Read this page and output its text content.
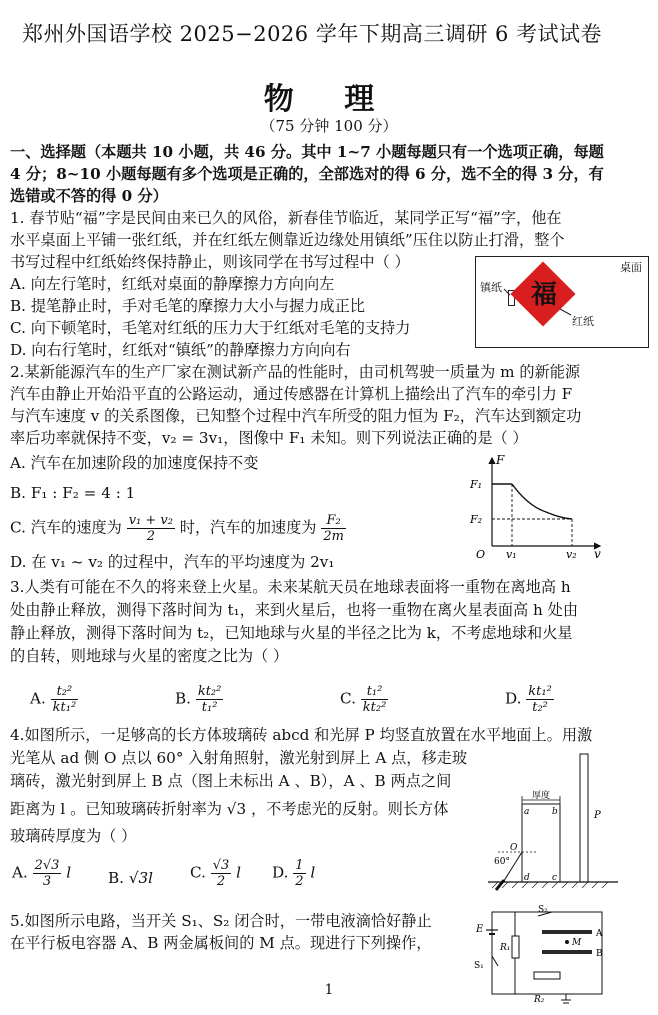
郑州外国语学校 2025−2026 学年下期高三调研 6 考试试卷
物 理
（75 分钟 100 分）
一、选择题（本题共 10 小题，共 46 分。其中 1~7 小题每题只有一个选项正确，每题
4 分；8~10 小题每题有多个选项是正确的，全部选对的得 6 分，选不全的得 3 分，有
选错或不答的得 0 分）
1. 春节贴“福”字是民间由来已久的风俗，新春佳节临近，某同学正写“福”字，他在
水平桌面上平铺一张红纸，并在红纸左侧靠近边缘处用镇纸”压住以防止打滑，整个
书写过程中红纸始终保持静止，则该同学在书写过程中（ ）
A. 向左行笔时，红纸对桌面的静摩擦力方向向左
B. 提笔静止时，手对毛笔的摩擦力大小与握力成正比
C. 向下顿笔时，毛笔对红纸的压力大于红纸对毛笔的支持力
D. 向右行笔时，红纸对“镇纸”的静摩擦力方向向右
桌面
镇纸 福
红纸
2.某新能源汽车的生产厂家在测试新产品的性能时，由司机驾驶一质量为 m 的新能源
汽车由静止开始沿平直的公路运动，通过传感器在计算机上描绘出了汽车的牵引力 F
与汽车速度 v 的关系图像，已知整个过程中汽车所受的阻力恒为 F₂，汽车达到额定功
率后功率就保持不变，v₂ = 3v₁，图像中 F₁ 未知。则下列说法正确的是（ ）
A. 汽车在加速阶段的加速度保持不变
B. F₁ : F₂ = 4 : 1
C. 汽车的速度为 $\frac{\text{v₁ + v₂}}{2}$ 时，汽车的加速度为 $\frac{\text{F₂}}{2m}$
D. 在 v₁ ~ v₂ 的过程中，汽车的平均速度为 2v₁
F
v
O
F₁
F₂
v₁	v₂
3.人类有可能在不久的将来登上火星。未来某航天员在地球表面将一重物在离地高 h
处由静止释放，测得下落时间为 t₁，来到火星后，也将一重物在离火星表面高 h 处由
静止释放，测得下落时间为 t₂，已知地球与火星的半径之比为 k，不考虑地球和火星
的自转，则地球与火星的密度之比为（ ）
A. $\frac{\text{t₂²}}{\text{kt₁²}}$	B. $\frac{\text{kt₂²}}{\text{t₁²}}$	C. $\frac{\text{t₁²}}{\text{kt₂²}}$	D. $\frac{\text{kt₁²}}{\text{t₂²}}$
4.如图所示，一足够高的长方体玻璃砖 abcd 和光屏 P 均竖直放置在水平地面上。用激
光笔从 ad 侧 O 点以 60° 入射角照射，激光射到屏上 A 点，移走玻
璃砖，激光射到屏上 B 点（图上未标出 A 、B），A 、B 两点之间
距离为 l 。已知玻璃砖折射率为 √3 ，不考虑光的反射。则长方体
玻璃砖厚度为（ ）
A. $\frac{2√3}{3}$ l B. √3l C. $\frac{√3}{2}$ l D. $\frac{1}{2}$ l
厚度
a	b
c
d
P
O
60°
5.如图所示电路，当开关 S₁、S₂ 闭合时，一带电液滴恰好静止
在平行板电容器 A、B 两金属板间的 M 点。现进行下列操作，
E
S₁
R₁
S₂
M
A
B
R₂
1
